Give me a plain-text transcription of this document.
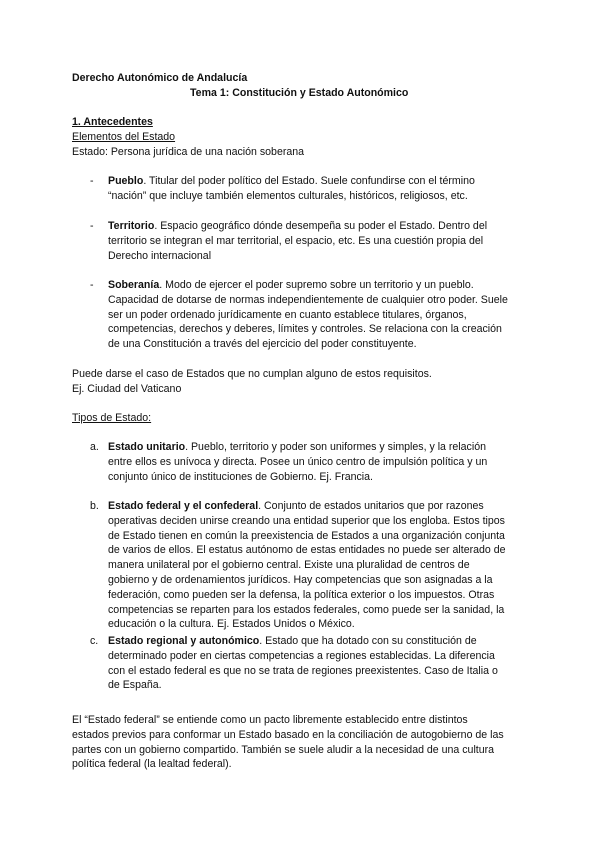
Derecho Autonómico de Andalucía
Tema 1: Constitución y Estado Autonómico
1. Antecedentes
Elementos del Estado
Estado: Persona jurídica de una nación soberana
- Pueblo. Titular del poder político del Estado. Suele confundirse con el término
“nación” que incluye también elementos culturales, históricos, religiosos, etc.
- Territorio. Espacio geográfico dónde desempeña su poder el Estado. Dentro del
territorio se integran el mar territorial, el espacio, etc. Es una cuestión propia del
Derecho internacional
- Soberanía. Modo de ejercer el poder supremo sobre un territorio y un pueblo.
Capacidad de dotarse de normas independientemente de cualquier otro poder. Suele
ser un poder ordenado jurídicamente en cuanto establece titulares, órganos,
competencias, derechos y deberes, límites y controles. Se relaciona con la creación
de una Constitución a través del ejercicio del poder constituyente.
Puede darse el caso de Estados que no cumplan alguno de estos requisitos.
Ej. Ciudad del Vaticano
Tipos de Estado:
a. Estado unitario. Pueblo, territorio y poder son uniformes y simples, y la relación
entre ellos es unívoca y directa. Posee un único centro de impulsión política y un
conjunto único de instituciones de Gobierno. Ej. Francia.
b. Estado federal y el confederal. Conjunto de estados unitarios que por razones
operativas deciden unirse creando una entidad superior que los engloba. Estos tipos
de Estado tienen en común la preexistencia de Estados a una organización conjunta
de varios de ellos. El estatus autónomo de estas entidades no puede ser alterado de
manera unilateral por el gobierno central. Existe una pluralidad de centros de
gobierno y de ordenamientos jurídicos. Hay competencias que son asignadas a la
federación, como pueden ser la defensa, la política exterior o los impuestos. Otras
competencias se reparten para los estados federales, como puede ser la sanidad, la
educación o la cultura. Ej. Estados Unidos o México.
c. Estado regional y autonómico. Estado que ha dotado con su constitución de
determinado poder en ciertas competencias a regiones establecidas. La diferencia
con el estado federal es que no se trata de regiones preexistentes. Caso de Italia o
de España.
El “Estado federal” se entiende como un pacto libremente establecido entre distintos
estados previos para conformar un Estado basado en la conciliación de autogobierno de las
partes con un gobierno compartido. También se suele aludir a la necesidad de una cultura
política federal (la lealtad federal).
